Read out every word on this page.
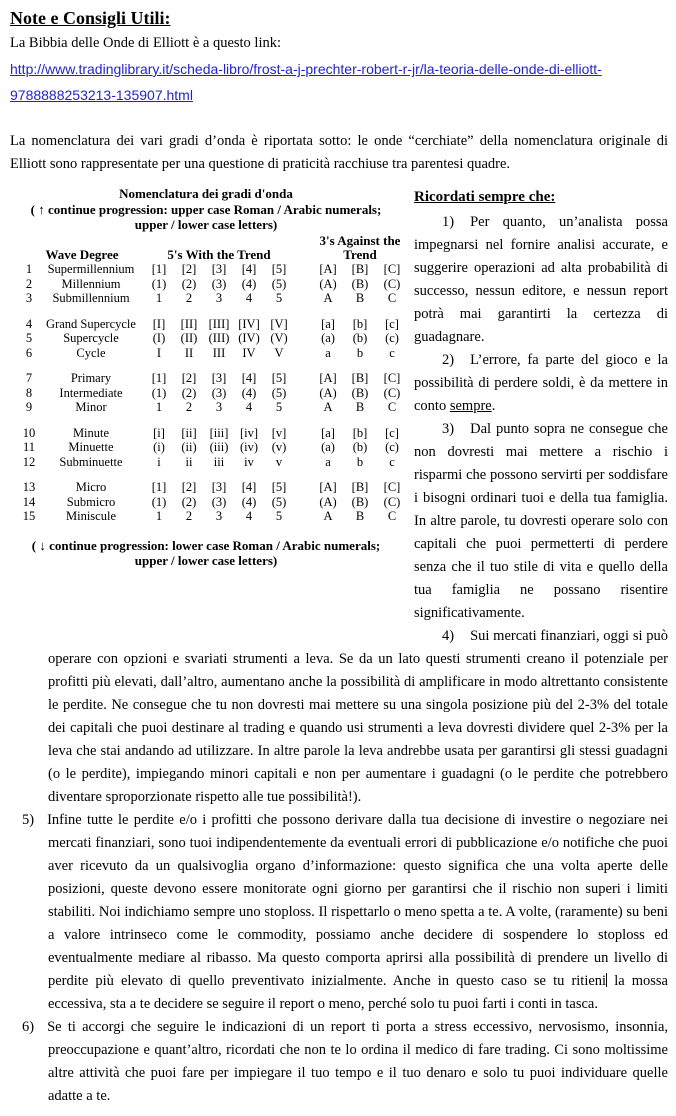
Note e Consigli Utili:

La Bibbia delle Onde di Elliott è a questo link:

http://www.tradinglibrary.it/scheda-libro/frost-a-j-prechter-robert-r-jr/la-teoria-delle-onde-di-elliott-
9788888253213-135907.html

La nomenclatura dei vari gradi d’onda è riportata sotto: le onde “cerchiate” della nomenclatura originale di Elliott sono rappresentate per una questione di praticità racchiuse tra parentesi quadre.

Nomenclatura dei gradi d'onda
( ↑ continue progression: upper case Roman / Arabic numerals;
upper / lower case letters)
Wave Degree		5's With the Trend						3's Against the Trend		
1	Supermillennium	[1]	[2]	[3]	[4]	[5]		[A]	[B]	[C]
2	Millennium	(1)	(2)	(3)	(4)	(5)		(A)	(B)	(C)
3	Submillennium	1	2	3	4	5		A	B	C

4	Grand Supercycle	[I]	[II]	[III]	[IV]	[V]		[a]	[b]	[c]
5	Supercycle	(I)	(II)	(III)	(IV)	(V)		(a)	(b)	(c)
6	Cycle	I	II	III	IV	V		a	b	c

7	Primary	[1]	[2]	[3]	[4]	[5]		[A]	[B]	[C]
8	Intermediate	(1)	(2)	(3)	(4)	(5)		(A)	(B)	(C)
9	Minor	1	2	3	4	5		A	B	C

10	Minute	[i]	[ii]	[iii]	[iv]	[v]		[a]	[b]	[c]
11	Minuette	(i)	(ii)	(iii)	(iv)	(v)		(a)	(b)	(c)
12	Subminuette	i	ii	iii	iv	v		a	b	c

13	Micro	[1]	[2]	[3]	[4]	[5]		[A]	[B]	[C]
14	Submicro	(1)	(2)	(3)	(4)	(5)		(A)	(B)	(C)
15	Miniscule	1	2	3	4	5		A	B	C
( ↓ continue progression: lower case Roman / Arabic numerals;
upper / lower case letters)
Ricordati sempre che:

1) Per quanto, un’analista possa impegnarsi nel fornire analisi accurate, e suggerire operazioni ad alta probabilità di successo, nessun editore, e nessun report potrà mai garantirti la certezza di guadagnare.

2) L’errore, fa parte del gioco e la possibilità di perdere soldi, è da mettere in conto sempre.

3) Dal punto sopra ne consegue che non dovresti mai mettere a rischio i risparmi che possono servirti per soddisfare i bisogni ordinari tuoi e della tua famiglia. In altre parole, tu dovresti operare solo con capitali che puoi permetterti di perdere senza che il tuo stile di vita e quello della tua famiglia ne possano risentire significativamente.

4) Sui mercati finanziari, oggi si può

operare con opzioni e svariati strumenti a leva. Se da un lato questi strumenti creano il potenziale per profitti più elevati, dall’altro, aumentano anche la possibilità di amplificare in modo altrettanto consistente le perdite. Ne consegue che tu non dovresti mai mettere su una singola posizione più del 2-3% del totale dei capitali che puoi destinare al trading e quando usi strumenti a leva dovresti dividere quel 2-3% per la leva che stai andando ad utilizzare. In altre parole la leva andrebbe usata per garantirsi gli stessi guadagni (o le perdite), impiegando minori capitali e non per aumentare i guadagni (o le perdite che potrebbero diventare sproporzionate rispetto alle tue possibilità!).

5) Infine tutte le perdite e/o i profitti che possono derivare dalla tua decisione di investire o negoziare nei mercati finanziari, sono tuoi indipendentemente da eventuali errori di pubblicazione e/o notifiche che puoi aver ricevuto da un qualsivoglia organo d’informazione: questo significa che una volta aperte delle posizioni, queste devono essere monitorate ogni giorno per garantirsi che il rischio non superi i limiti stabiliti. Noi indichiamo sempre uno stoploss. Il rispettarlo o meno spetta a te. A volte, (raramente) su beni a valore intrinseco come le commodity, possiamo anche decidere di sospendere lo stoploss ed eventualmente mediare al ribasso. Ma questo comporta aprirsi alla possibilità di prendere un livello di perdite più elevato di quello preventivato inizialmente. Anche in questo caso se tu ritieni la mossa eccessiva, sta a te decidere se seguire il report o meno, perché solo tu puoi farti i conti in tasca.

6) Se ti accorgi che seguire le indicazioni di un report ti porta a stress eccessivo, nervosismo, insonnia, preoccupazione e quant’altro, ricordati che non te lo ordina il medico di fare trading. Ci sono moltissime altre attività che puoi fare per impiegare il tuo tempo e il tuo denaro e solo tu puoi individuare quelle adatte a te.
